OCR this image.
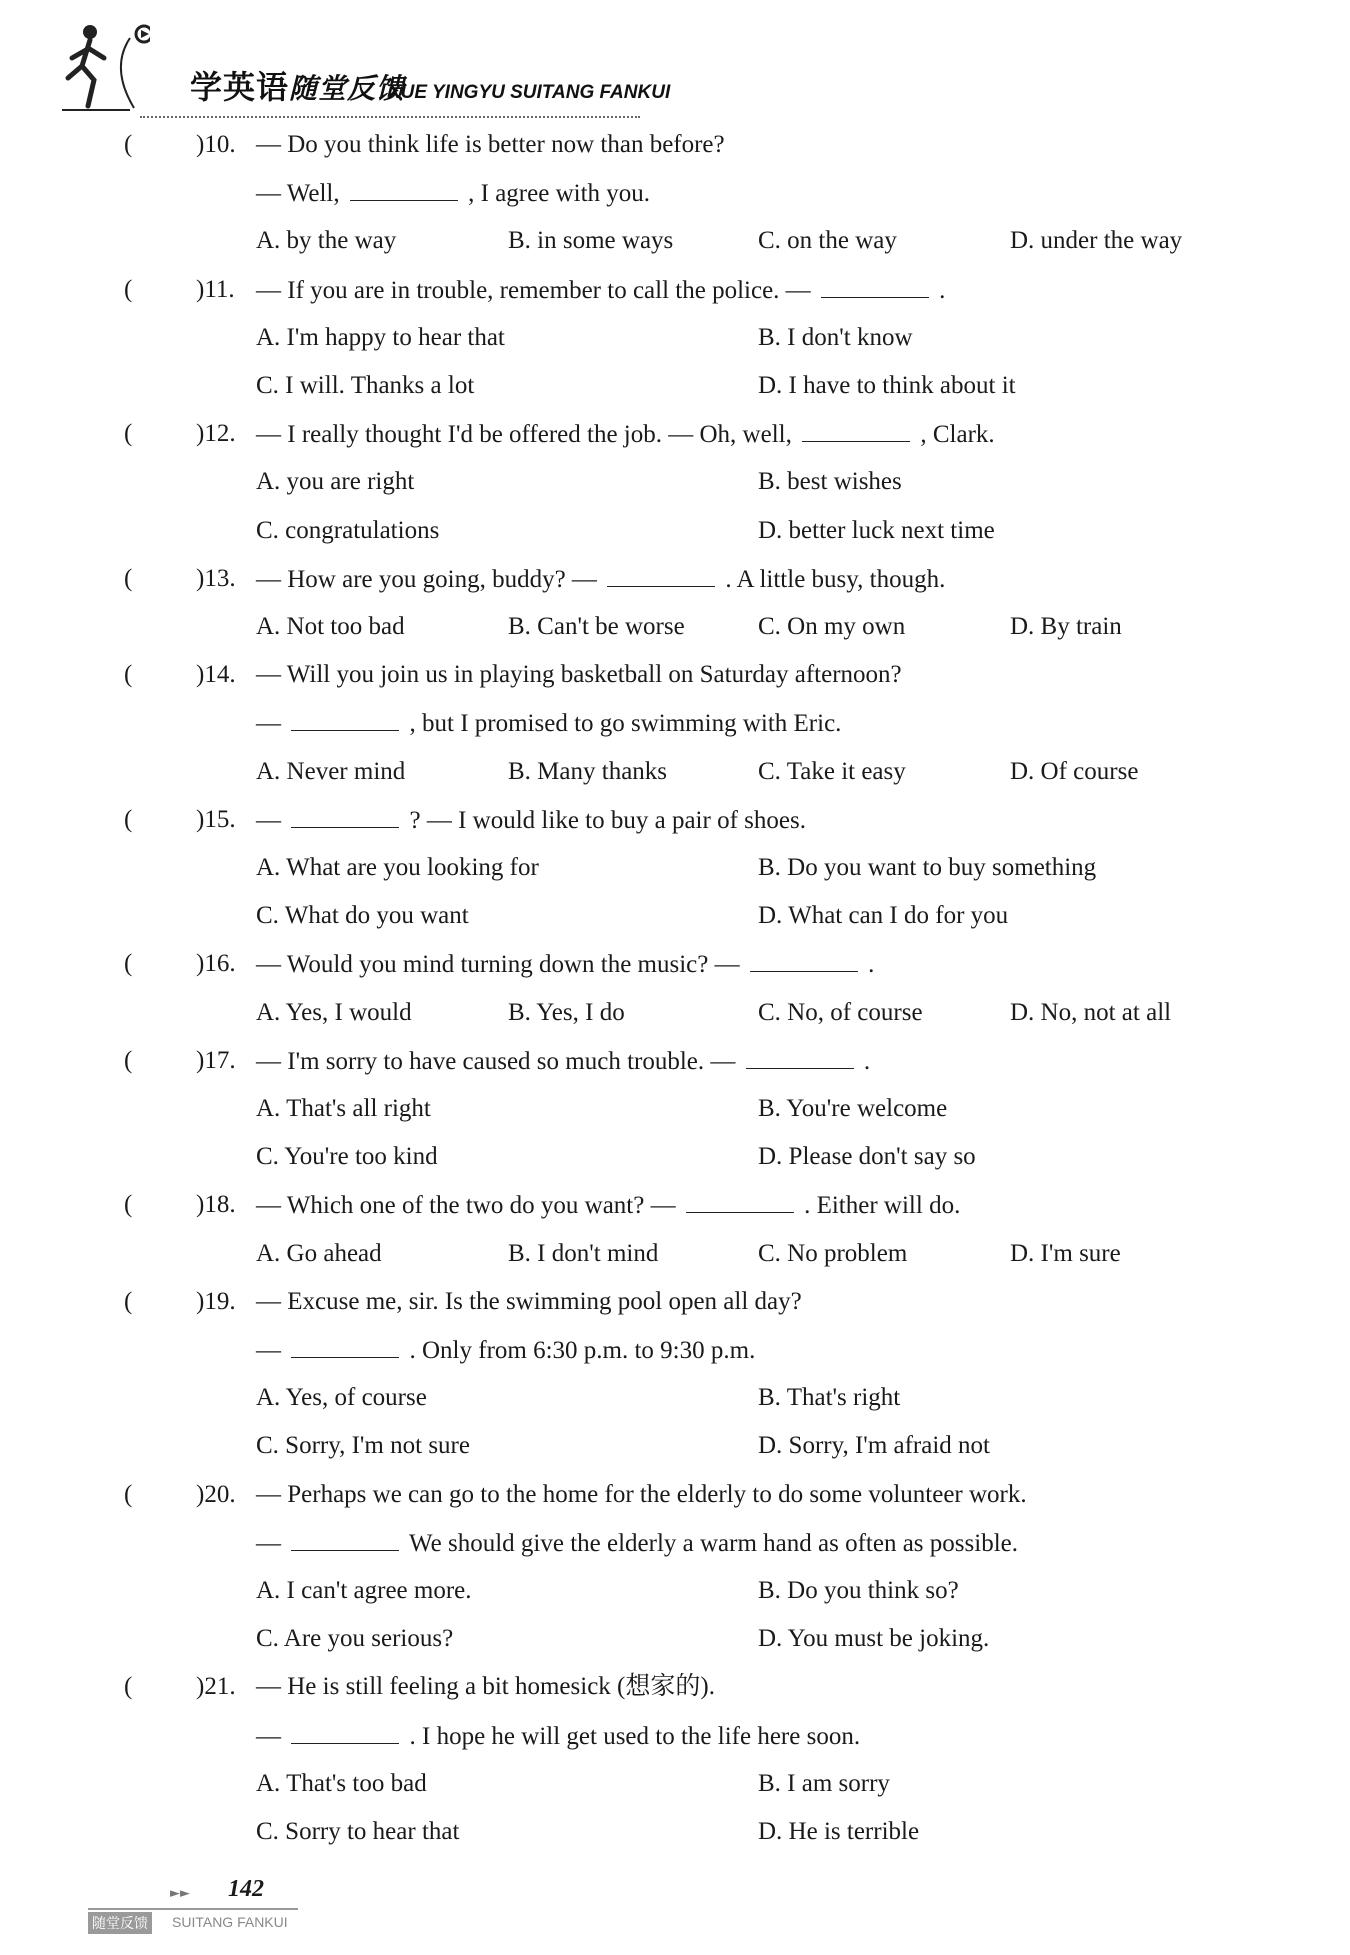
学英语随堂反馈
XUE YINGYU SUITANG FANKUI
(	)10. — Do you think life is better now than before?
— Well,	, I agree with you.
A. by the way	B. in some ways	C. on the way	D. under the way
(	)11. — If you are in trouble, remember to call the police. —	.
A. I'm happy to hear that	B. I don't know
C. I will. Thanks a lot	D. I have to think about it
(	)12. — I really thought I'd be offered the job. — Oh, well,	, Clark.
A. you are right	B. best wishes
C. congratulations	D. better luck next time
(	)13. — How are you going, buddy? —	. A little busy, though.
A. Not too bad	B. Can't be worse	C. On my own	D. By train
(	)14. — Will you join us in playing basketball on Saturday afternoon?
—	, but I promised to go swimming with Eric.
A. Never mind	B. Many thanks	C. Take it easy	D. Of course
(	)15. —	? — I would like to buy a pair of shoes.
A. What are you looking for	B. Do you want to buy something
C. What do you want	D. What can I do for you
(	)16. — Would you mind turning down the music? —	.
A. Yes, I would	B. Yes, I do	C. No, of course	D. No, not at all
(	)17. — I'm sorry to have caused so much trouble. —	.
A. That's all right	B. You're welcome
C. You're too kind	D. Please don't say so
(	)18. — Which one of the two do you want? —	. Either will do.
A. Go ahead	B. I don't mind	C. No problem	D. I'm sure
(	)19. — Excuse me, sir. Is the swimming pool open all day?
—	. Only from 6:30 p.m. to 9:30 p.m.
A. Yes, of course	B. That's right
C. Sorry, I'm not sure	D. Sorry, I'm afraid not
(	)20. — Perhaps we can go to the home for the elderly to do some volunteer work.
—	We should give the elderly a warm hand as often as possible.
A. I can't agree more.	B. Do you think so?
C. Are you serious?	D. You must be joking.
(	)21. — He is still feeling a bit homesick (想家的).
—	. I hope he will get used to the life here soon.
A. That's too bad	B. I am sorry
C. Sorry to hear that	D. He is terrible
►► 142
随堂反馈 SUITANG FANKUI
